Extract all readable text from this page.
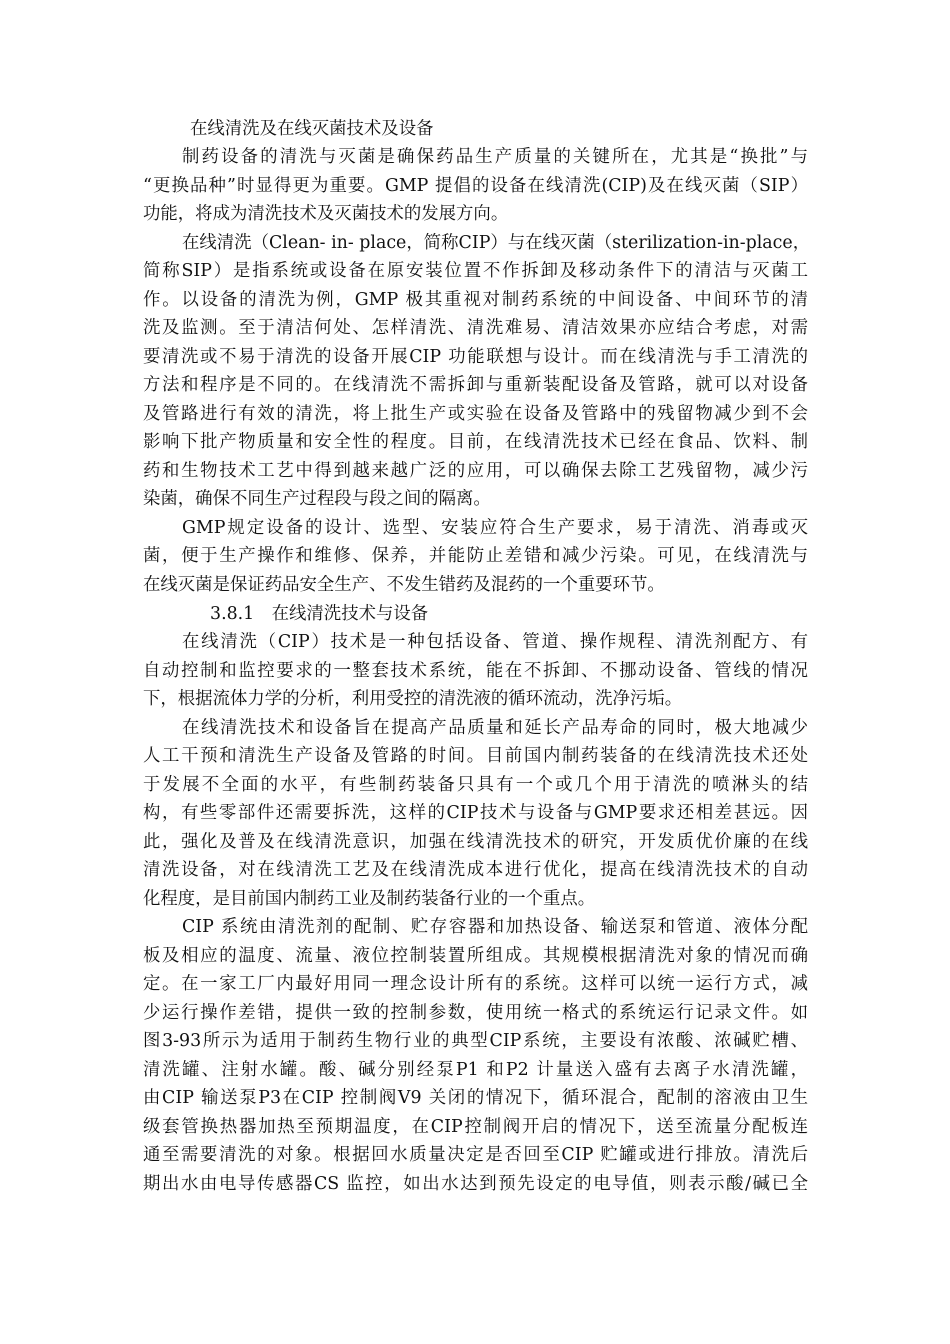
在线清洗及在线灭菌技术及设备
制药设备的清洗与灭菌是确保药品生产质量的关键所在，尤其是“换批”与
“更换品种”时显得更为重要。GMP 提倡的设备在线清洗(CIP)及在线灭菌（SIP）
功能，将成为清洗技术及灭菌技术的发展方向。
在线清洗（Clean- in- place，简称CIP）与在线灭菌（sterilization-in-place，
简称SIP）是指系统或设备在原安装位置不作拆卸及移动条件下的清洁与灭菌工
作。以设备的清洗为例，GMP 极其重视对制药系统的中间设备、中间环节的清
洗及监测。至于清洁何处、怎样清洗、清洗难易、清洁效果亦应结合考虑，对需
要清洗或不易于清洗的设备开展CIP 功能联想与设计。而在线清洗与手工清洗的
方法和程序是不同的。在线清洗不需拆卸与重新装配设备及管路，就可以对设备
及管路进行有效的清洗，将上批生产或实验在设备及管路中的残留物减少到不会
影响下批产物质量和安全性的程度。目前，在线清洗技术已经在食品、饮料、制
药和生物技术工艺中得到越来越广泛的应用，可以确保去除工艺残留物，减少污
染菌，确保不同生产过程段与段之间的隔离。
GMP规定设备的设计、选型、安装应符合生产要求，易于清洗、消毒或灭
菌，便于生产操作和维修、保养，并能防止差错和减少污染。可见，在线清洗与
在线灭菌是保证药品安全生产、不发生错药及混药的一个重要环节。
3.8.1　在线清洗技术与设备
在线清洗（CIP）技术是一种包括设备、管道、操作规程、清洗剂配方、有
自动控制和监控要求的一整套技术系统，能在不拆卸、不挪动设备、管线的情况
下，根据流体力学的分析，利用受控的清洗液的循环流动，洗净污垢。
在线清洗技术和设备旨在提高产品质量和延长产品寿命的同时，极大地减少
人工干预和清洗生产设备及管路的时间。目前国内制药装备的在线清洗技术还处
于发展不全面的水平，有些制药装备只具有一个或几个用于清洗的喷淋头的结
构，有些零部件还需要拆洗，这样的CIP技术与设备与GMP要求还相差甚远。因
此，强化及普及在线清洗意识，加强在线清洗技术的研究，开发质优价廉的在线
清洗设备，对在线清洗工艺及在线清洗成本进行优化，提高在线清洗技术的自动
化程度，是目前国内制药工业及制药装备行业的一个重点。
CIP 系统由清洗剂的配制、贮存容器和加热设备、输送泵和管道、液体分配
板及相应的温度、流量、液位控制装置所组成。其规模根据清洗对象的情况而确
定。在一家工厂内最好用同一理念设计所有的系统。这样可以统一运行方式，减
少运行操作差错，提供一致的控制参数，使用统一格式的系统运行记录文件。如
图3-93所示为适用于制药生物行业的典型CIP系统，主要设有浓酸、浓碱贮槽、
清洗罐、注射水罐。酸、碱分别经泵P1 和P2 计量送入盛有去离子水清洗罐，
由CIP 输送泵P3在CIP 控制阀V9 关闭的情况下，循环混合，配制的溶液由卫生
级套管换热器加热至预期温度，在CIP控制阀开启的情况下，送至流量分配板连
通至需要清洗的对象。根据回水质量决定是否回至CIP 贮罐或进行排放。清洗后
期出水由电导传感器CS 监控，如出水达到预先设定的电导值，则表示酸/碱已全
